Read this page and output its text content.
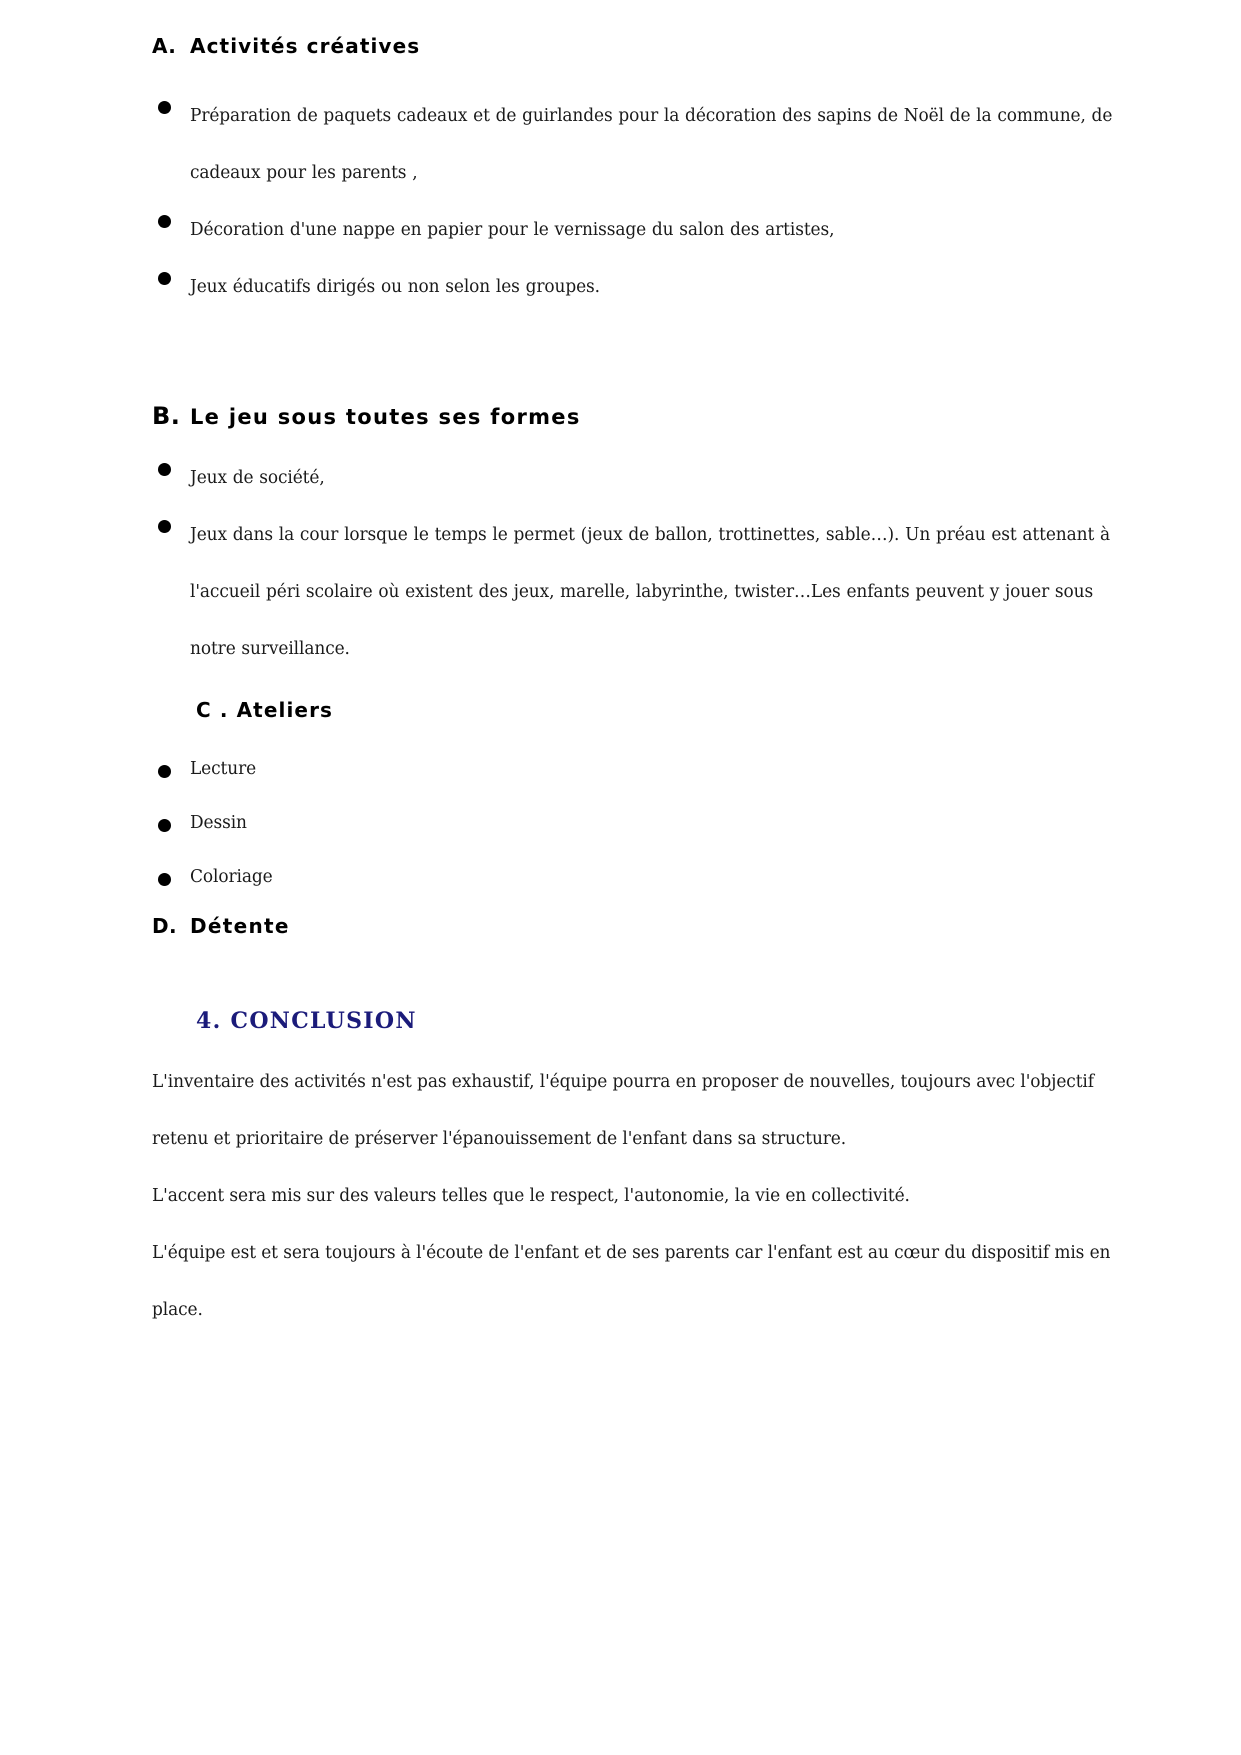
A. Activités créatives
Préparation de paquets cadeaux et de guirlandes pour la décoration des sapins de Noël de la commune, de cadeaux pour les parents ,
Décoration d'une nappe en papier pour le vernissage du salon des artistes,
Jeux éducatifs dirigés ou non selon les groupes.
B. Le jeu sous toutes ses formes
Jeux de société,
Jeux dans la cour lorsque le temps le permet (jeux de ballon, trottinettes, sable…). Un préau est attenant à l'accueil péri scolaire où existent des jeux, marelle, labyrinthe, twister…Les enfants peuvent y jouer sous notre surveillance.
C . Ateliers
Lecture
Dessin
Coloriage
D. Détente
4. CONCLUSION
L'inventaire des activités n'est pas exhaustif, l'équipe pourra en proposer de nouvelles, toujours avec l'objectif retenu et prioritaire de préserver l'épanouissement de l'enfant dans sa structure.
L'accent sera mis sur des valeurs telles que le respect, l'autonomie, la vie en collectivité.
L'équipe est et sera toujours à l'écoute de l'enfant et de ses parents car l'enfant est au cœur du dispositif mis en place.
